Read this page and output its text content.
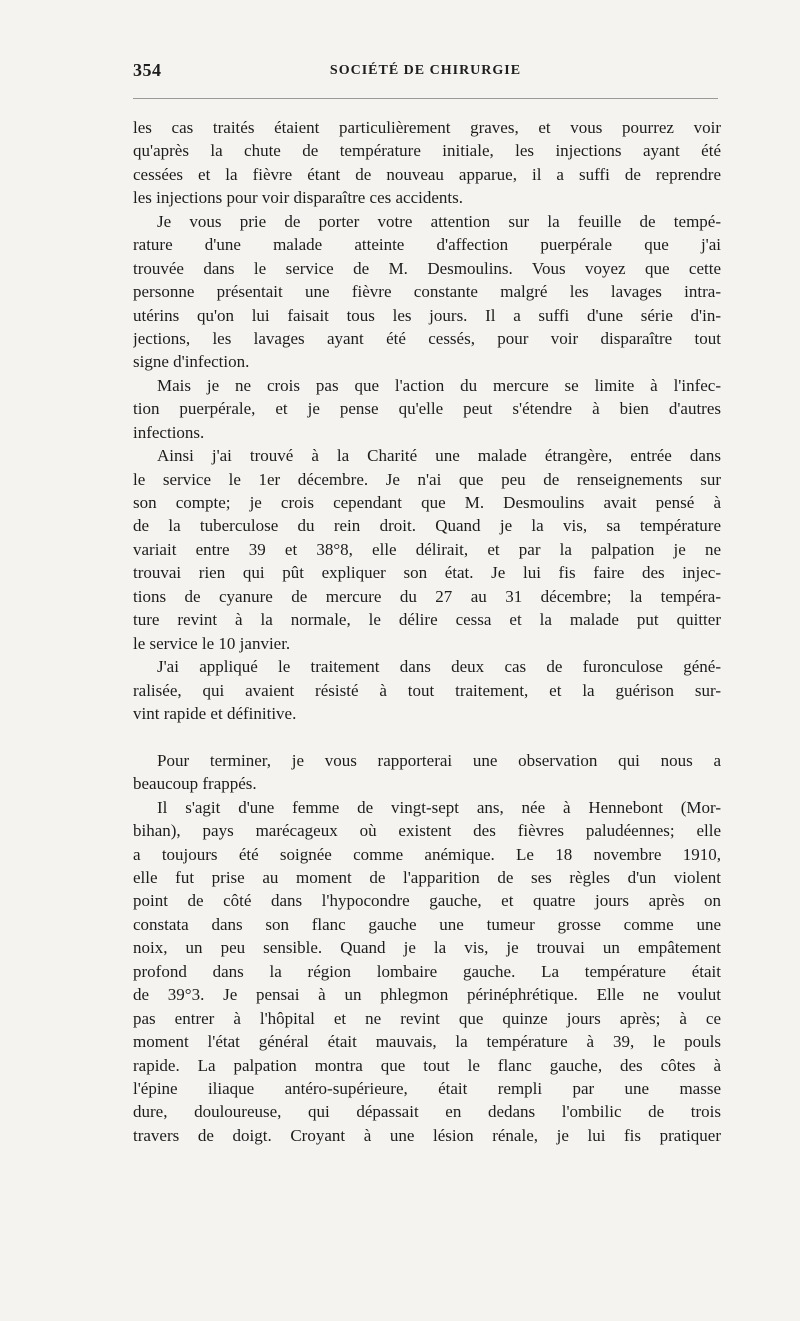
354	SOCIÉTÉ DE CHIRURGIE
les cas traités étaient particulièrement graves, et vous pourrez voir
qu'après la chute de température initiale, les injections ayant été
cessées et la fièvre étant de nouveau apparue, il a suffi de reprendre
les injections pour voir disparaître ces accidents.
Je vous prie de porter votre attention sur la feuille de tempé-
rature d'une malade atteinte d'affection puerpérale que j'ai
trouvée dans le service de M. Desmoulins. Vous voyez que cette
personne présentait une fièvre constante malgré les lavages intra-
utérins qu'on lui faisait tous les jours. Il a suffi d'une série d'in-
jections, les lavages ayant été cessés, pour voir disparaître tout
signe d'infection.
Mais je ne crois pas que l'action du mercure se limite à l'infec-
tion puerpérale, et je pense qu'elle peut s'étendre à bien d'autres
infections.
Ainsi j'ai trouvé à la Charité une malade étrangère, entrée dans
le service le 1er décembre. Je n'ai que peu de renseignements sur
son compte; je crois cependant que M. Desmoulins avait pensé à
de la tuberculose du rein droit. Quand je la vis, sa température
variait entre 39 et 38°8, elle délirait, et par la palpation je ne
trouvai rien qui pût expliquer son état. Je lui fis faire des injec-
tions de cyanure de mercure du 27 au 31 décembre; la tempéra-
ture revint à la normale, le délire cessa et la malade put quitter
le service le 10 janvier.
J'ai appliqué le traitement dans deux cas de furonculose géné-
ralisée, qui avaient résisté à tout traitement, et la guérison sur-
vint rapide et définitive.
Pour terminer, je vous rapporterai une observation qui nous a
beaucoup frappés.
Il s'agit d'une femme de vingt-sept ans, née à Hennebont (Mor-
bihan), pays marécageux où existent des fièvres paludéennes; elle
a toujours été soignée comme anémique. Le 18 novembre 1910,
elle fut prise au moment de l'apparition de ses règles d'un violent
point de côté dans l'hypocondre gauche, et quatre jours après on
constata dans son flanc gauche une tumeur grosse comme une
noix, un peu sensible. Quand je la vis, je trouvai un empâtement
profond dans la région lombaire gauche. La température était
de 39°3. Je pensai à un phlegmon périnéphrétique. Elle ne voulut
pas entrer à l'hôpital et ne revint que quinze jours après; à ce
moment l'état général était mauvais, la température à 39, le pouls
rapide. La palpation montra que tout le flanc gauche, des côtes à
l'épine iliaque antéro-supérieure, était rempli par une masse
dure, douloureuse, qui dépassait en dedans l'ombilic de trois
travers de doigt. Croyant à une lésion rénale, je lui fis pratiquer
